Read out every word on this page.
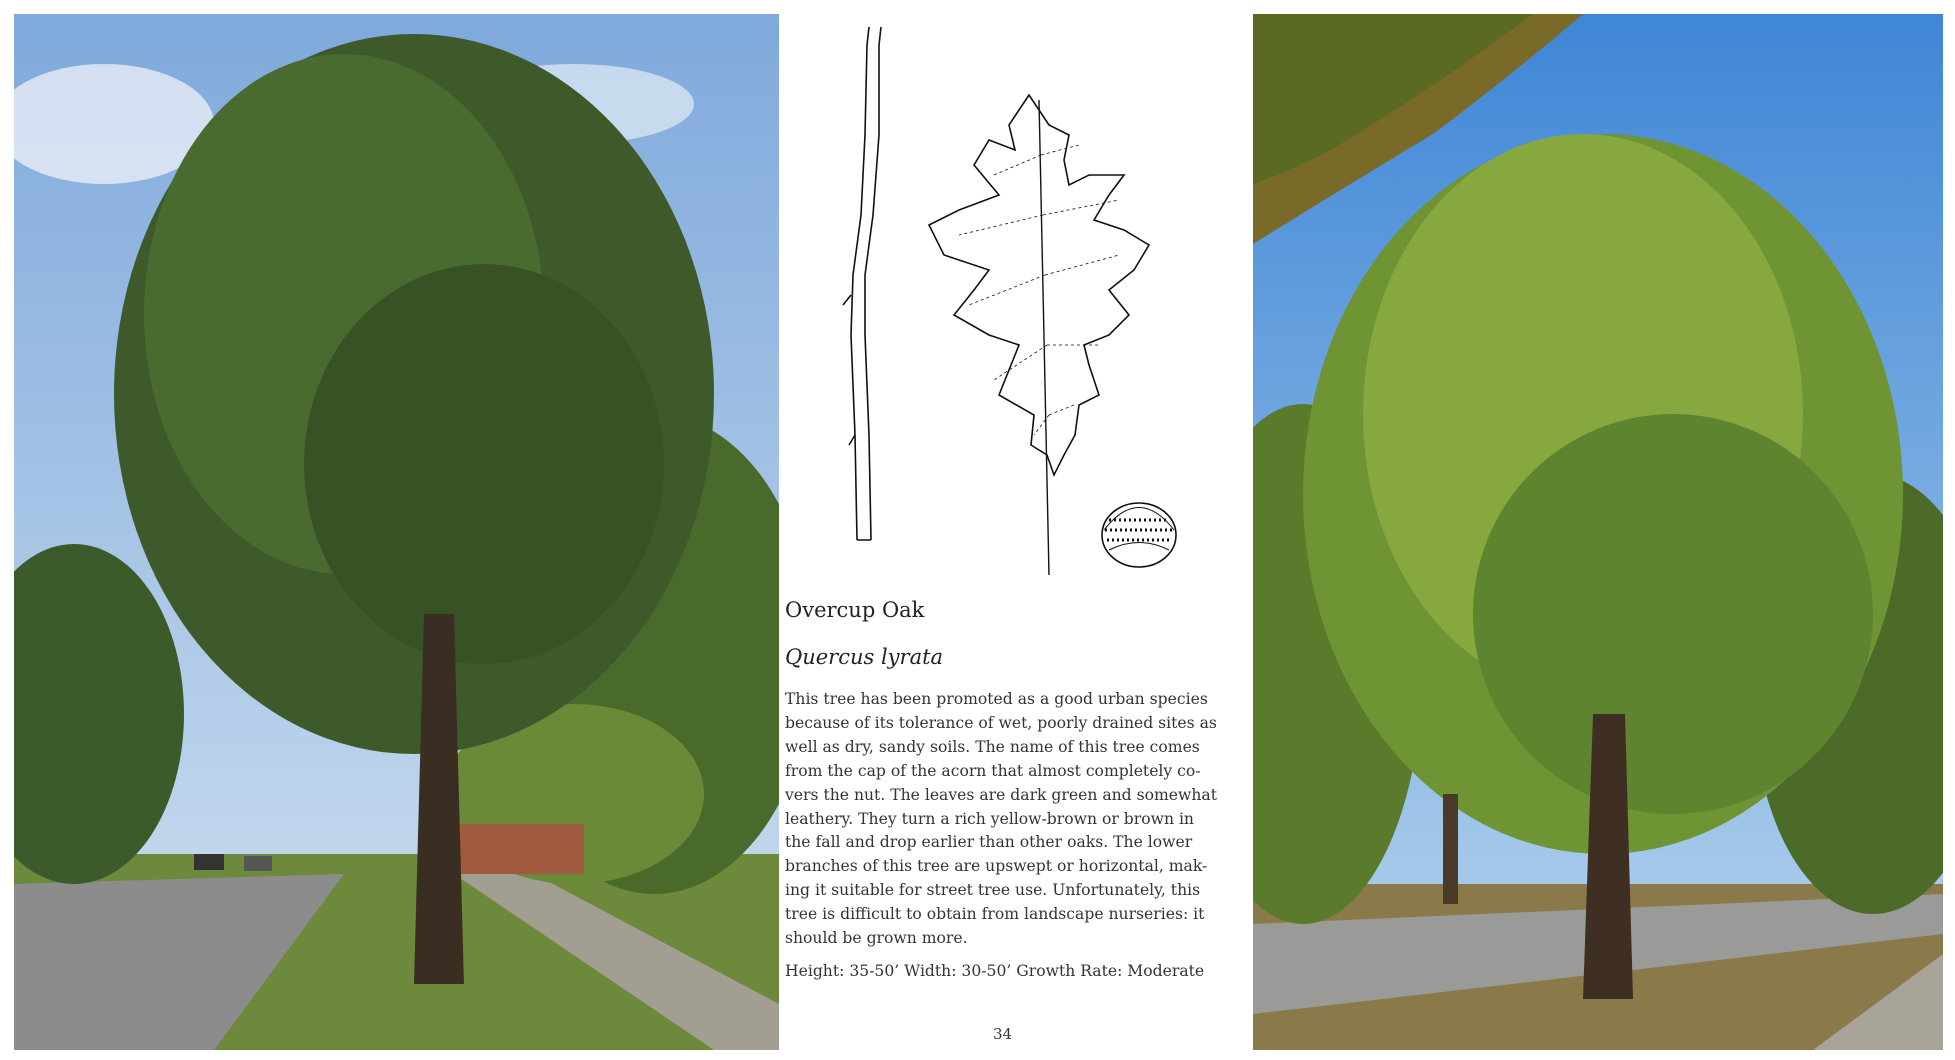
Overcup Oak
Quercus lyrata
This tree has been promoted as a good urban species
because of its tolerance of wet, poorly drained sites as
well as dry, sandy soils. The name of this tree comes
from the cap of the acorn that almost completely co-
vers the nut. The leaves are dark green and somewhat
leathery. They turn a rich yellow-brown or brown in
the fall and drop earlier than other oaks. The lower
branches of this tree are upswept or horizontal, mak-
ing it suitable for street tree use. Unfortunately, this
tree is difficult to obtain from landscape nurseries: it
should be grown more.
Height: 35-50’ Width: 30-50’ Growth Rate: Moderate
34
